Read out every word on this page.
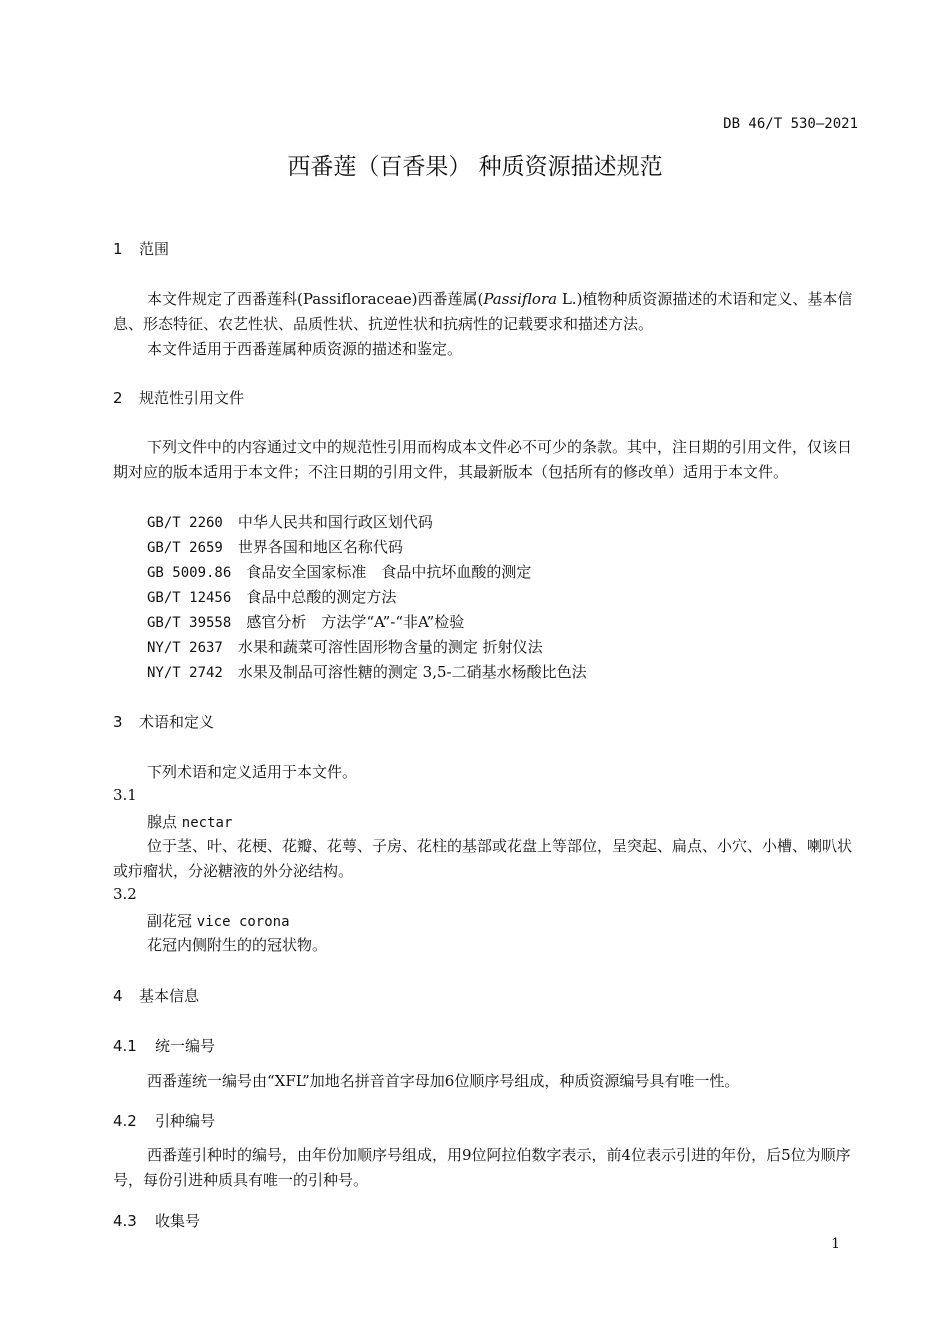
DB 46/T 530—2021
西番莲（百香果） 种质资源描述规范
1 范围
本文件规定了西番莲科(Passifloraceae)西番莲属(Passiflora L.)植物种质资源描述的术语和定义、基本信息、形态特征、农艺性状、品质性状、抗逆性状和抗病性的记载要求和描述方法。
本文件适用于西番莲属种质资源的描述和鉴定。
2 规范性引用文件
下列文件中的内容通过文中的规范性引用而构成本文件必不可少的条款。其中，注日期的引用文件，仅该日期对应的版本适用于本文件；不注日期的引用文件，其最新版本（包括所有的修改单）适用于本文件。
GB/T 2260　 中华人民共和国行政区划代码
GB/T 2659　 世界各国和地区名称代码
GB 5009.86　 食品安全国家标准　食品中抗坏血酸的测定
GB/T 12456　 食品中总酸的测定方法
GB/T 39558　 感官分析　方法学“A”-“非A”检验
NY/T 2637　 水果和蔬菜可溶性固形物含量的测定 折射仪法
NY/T 2742　 水果及制品可溶性糖的测定 3,5-二硝基水杨酸比色法
3 术语和定义
下列术语和定义适用于本文件。
3.1
腺点 nectar
位于茎、叶、花梗、花瓣、花萼、子房、花柱的基部或花盘上等部位，呈突起、扁点、小穴、小槽、喇叭状或疖瘤状，分泌糖液的外分泌结构。
3.2
副花冠 vice corona
花冠内侧附生的的冠状物。
4 基本信息
4.1 统一编号
西番莲统一编号由“XFL”加地名拼音首字母加6位顺序号组成，种质资源编号具有唯一性。
4.2 引种编号
西番莲引种时的编号，由年份加顺序号组成，用9位阿拉伯数字表示，前4位表示引进的年份，后5位为顺序号，每份引进种质具有唯一的引种号。
4.3 收集号
1
